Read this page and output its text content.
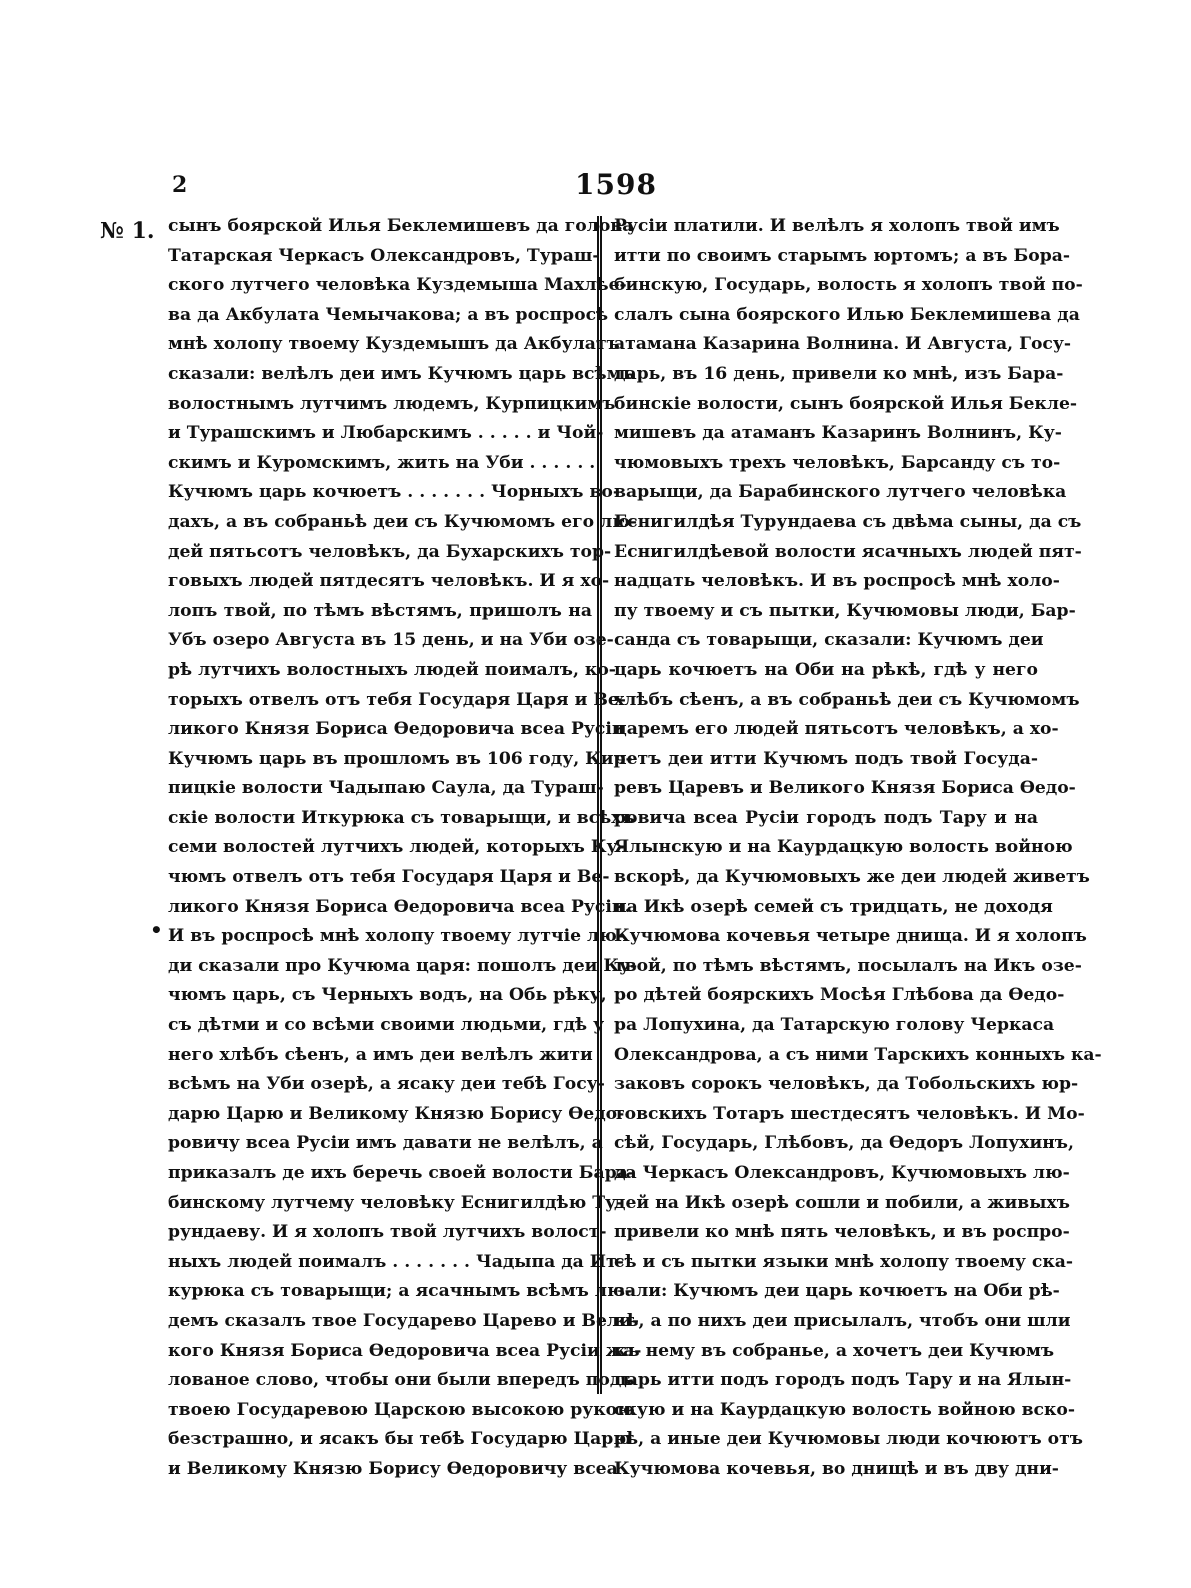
2	1598
№ 1.
•
сынъ боярской Илья Беклемишевъ да голова
Татарская Черкасъ Олександровъ, Турaш-
ского лутчего человѣка Куздемыша Махлѣе-
ва да Акбулата Чемычакова; а въ роспросѣ
мнѣ холопу твоему Куздемышъ да Акбулатъ
сказали: велѣлъ деи имъ Кучюмъ царь всѣмъ
волостнымъ лутчимъ людемъ, Курпицкимъ
и Турашскимъ и Любарскимъ . . . . . и Чой-
скимъ и Куромскимъ, жить на Уби . . . . . .
Кучюмъ царь кочюетъ . . . . . . . Чорныхъ во-
дахъ, а въ собраньѣ деи съ Кучюмомъ его лю-
дей пятьсотъ человѣкъ, да Бухарскихъ тор-
говыхъ людей пятдесятъ человѣкъ. И я хо-
лопъ твой, по тѣмъ вѣстямъ, пришолъ на
Убъ озеро Августа въ 15 день, и на Уби озе-
рѣ лутчихъ волостныхъ людей поималъ, ко-
торыхъ отвелъ отъ тебя Государя Царя и Ве-
ликого Князя Бориса Өедоровича всеа Русіи
Кучюмъ царь въ прошломъ въ 106 году, Кир-
пицкіе волости Чадыпаю Саула, да Тураш-
скіе волости Иткурюка съ товарыщи, и всѣхъ
семи волостей лутчихъ людей, которыхъ Ку-
чюмъ отвелъ отъ тебя Государя Царя и Ве-
ликого Князя Бориса Өедоровича всеа Русіи.
И въ роспросѣ мнѣ холопу твоему лутчіе лю-
ди сказали про Кучюма царя: пошолъ деи Ку-
чюмъ царь, съ Черныхъ водъ, на Обь рѣку,
съ дѣтми и со всѣми своими людьми, гдѣ у
него хлѣбъ сѣенъ, а имъ деи велѣлъ жити
всѣмъ на Уби озерѣ, а ясаку деи тебѣ Госу-
дарю Царю и Великому Князю Борису Өедо-
ровичу всеа Русіи имъ давати не велѣлъ, а
приказалъ де ихъ беречь своей волости Бара-
бинскому лутчему человѣку Еснигилдѣю Ту-
рундаеву. И я холопъ твой лутчихъ волост-
ныхъ людей поималъ . . . . . . . Чадыпа да Ит-
курюка съ товарыщи; а ясачнымъ всѣмъ лю-
демъ сказалъ твое Государево Царево и Вели-
кого Князя Бориса Өедоровича всеа Русіи жа-
лованое слово, чтобы они были впередъ подъ
твоею Государевою Царскою высокою рукою
безстрашно, и ясакъ бы тебѣ Государю Царю
и Великому Князю Борису Өедоровичу всеа
Русіи платили. И велѣлъ я холопъ твой имъ
итти по своимъ старымъ юртомъ; а въ Бора-
бинскую, Государь, волость я холопъ твой по-
слалъ сына боярского Илью Беклемишева да
атамана Казарина Волнина. И Августа, Госу-
дарь, въ 16 день, привели ко мнѣ, изъ Бара-
бинскіе волости, сынъ боярской Илья Бекле-
мишевъ да атаманъ Казаринъ Волнинъ, Ку-
чюмовыхъ трехъ человѣкъ, Барсанду съ то-
варыщи, да Барабинского лутчего человѣка
Еснигилдѣя Турундаева съ двѣма сыны, да съ
Еснигилдѣевой волости ясачныхъ людей пят-
надцать человѣкъ. И въ роспросѣ мнѣ холо-
пу твоему и съ пытки, Кучюмовы люди, Бар-
санда съ товарыщи, сказали: Кучюмъ деи
царь кочюетъ на Оби на рѣкѣ, гдѣ у него
хлѣбъ сѣенъ, а въ собраньѣ деи съ Кучюмомъ
царемъ его людей пятьсотъ человѣкъ, а хо-
четъ деи итти Кучюмъ подъ твой Госуда-
ревъ Царевъ и Великого Князя Бориса Өедо-
ровича всеа Русіи городъ подъ Тару и на
Ялынскую и на Каурдацкую волость войною
вскорѣ, да Кучюмовыхъ же деи людей живетъ
на Икѣ озерѣ семей съ тридцать, не доходя
Кучюмова кочевья четыре днища. И я холопъ
твой, по тѣмъ вѣстямъ, посылалъ на Икъ озе-
ро дѣтей боярскихъ Мосѣя Глѣбова да Өедо-
ра Лопухина, да Татарскую голову Черкаса
Олександрова, а съ ними Тарскихъ конныхъ ка-
заковъ сорокъ человѣкъ, да Тобольскихъ юр-
товскихъ Тотаръ шестдесятъ человѣкъ. И Мо-
сѣй, Государь, Глѣбовъ, да Өедоръ Лопухинъ,
да Черкасъ Олександровъ, Кучюмовыхъ лю-
дей на Икѣ озерѣ сошли и побили, а живыхъ
привели ко мнѣ пять человѣкъ, и въ роспро-
сѣ и съ пытки языки мнѣ холопу твоему ска-
зали: Кучюмъ деи царь кочюетъ на Оби рѣ-
кѣ, а по нихъ деи присылалъ, чтобъ они шли
къ нему въ собранье, а хочетъ деи Кучюмъ
царь итти подъ городъ подъ Тару и на Ялын-
скую и на Каурдацкую волость войною вско-
рѣ, а иные деи Кучюмовы люди кочюютъ отъ
Кучюмова кочевья, во днищѣ и въ дву дни-
